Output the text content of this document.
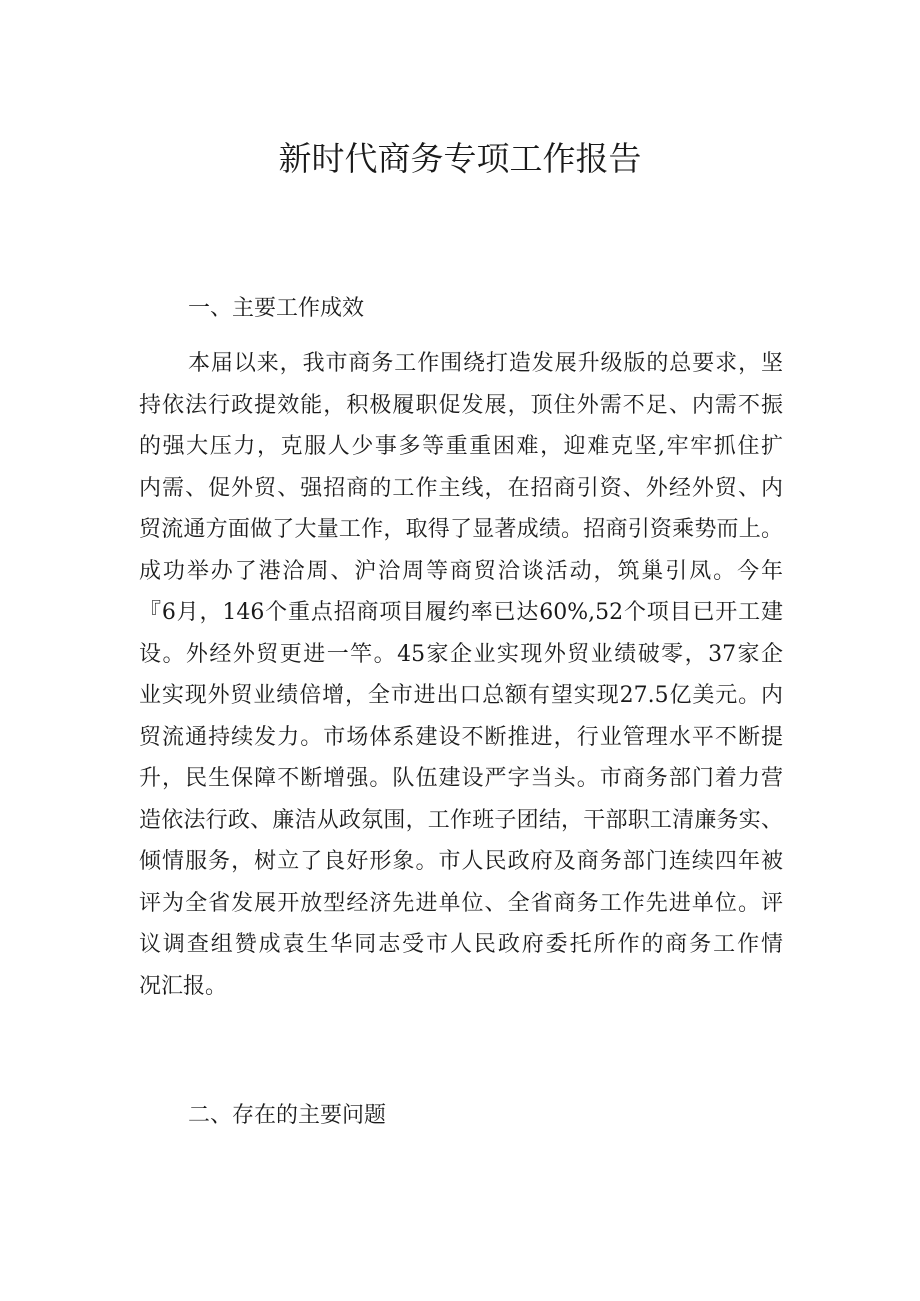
新时代商务专项工作报告
一、主要工作成效
本届以来，我市商务工作围绕打造发展升级版的总要求，坚
持依法行政提效能，积极履职促发展，顶住外需不足、内需不振
的强大压力，克服人少事多等重重困难，迎难克坚,牢牢抓住扩
内需、促外贸、强招商的工作主线，在招商引资、外经外贸、内
贸流通方面做了大量工作，取得了显著成绩。招商引资乘势而上。
成功举办了港洽周、沪洽周等商贸洽谈活动，筑巢引凤。今年
『6月，146个重点招商项目履约率已达60%,52个项目已开工建
设。外经外贸更进一竿。45家企业实现外贸业绩破零，37家企
业实现外贸业绩倍增，全市进出口总额有望实现27.5亿美元。内
贸流通持续发力。市场体系建设不断推进，行业管理水平不断提
升，民生保障不断增强。队伍建设严字当头。市商务部门着力营
造依法行政、廉洁从政氛围，工作班子团结，干部职工清廉务实、
倾情服务，树立了良好形象。市人民政府及商务部门连续四年被
评为全省发展开放型经济先进单位、全省商务工作先进单位。评
议调查组赞成袁生华同志受市人民政府委托所作的商务工作情
况汇报。
二、存在的主要问题
